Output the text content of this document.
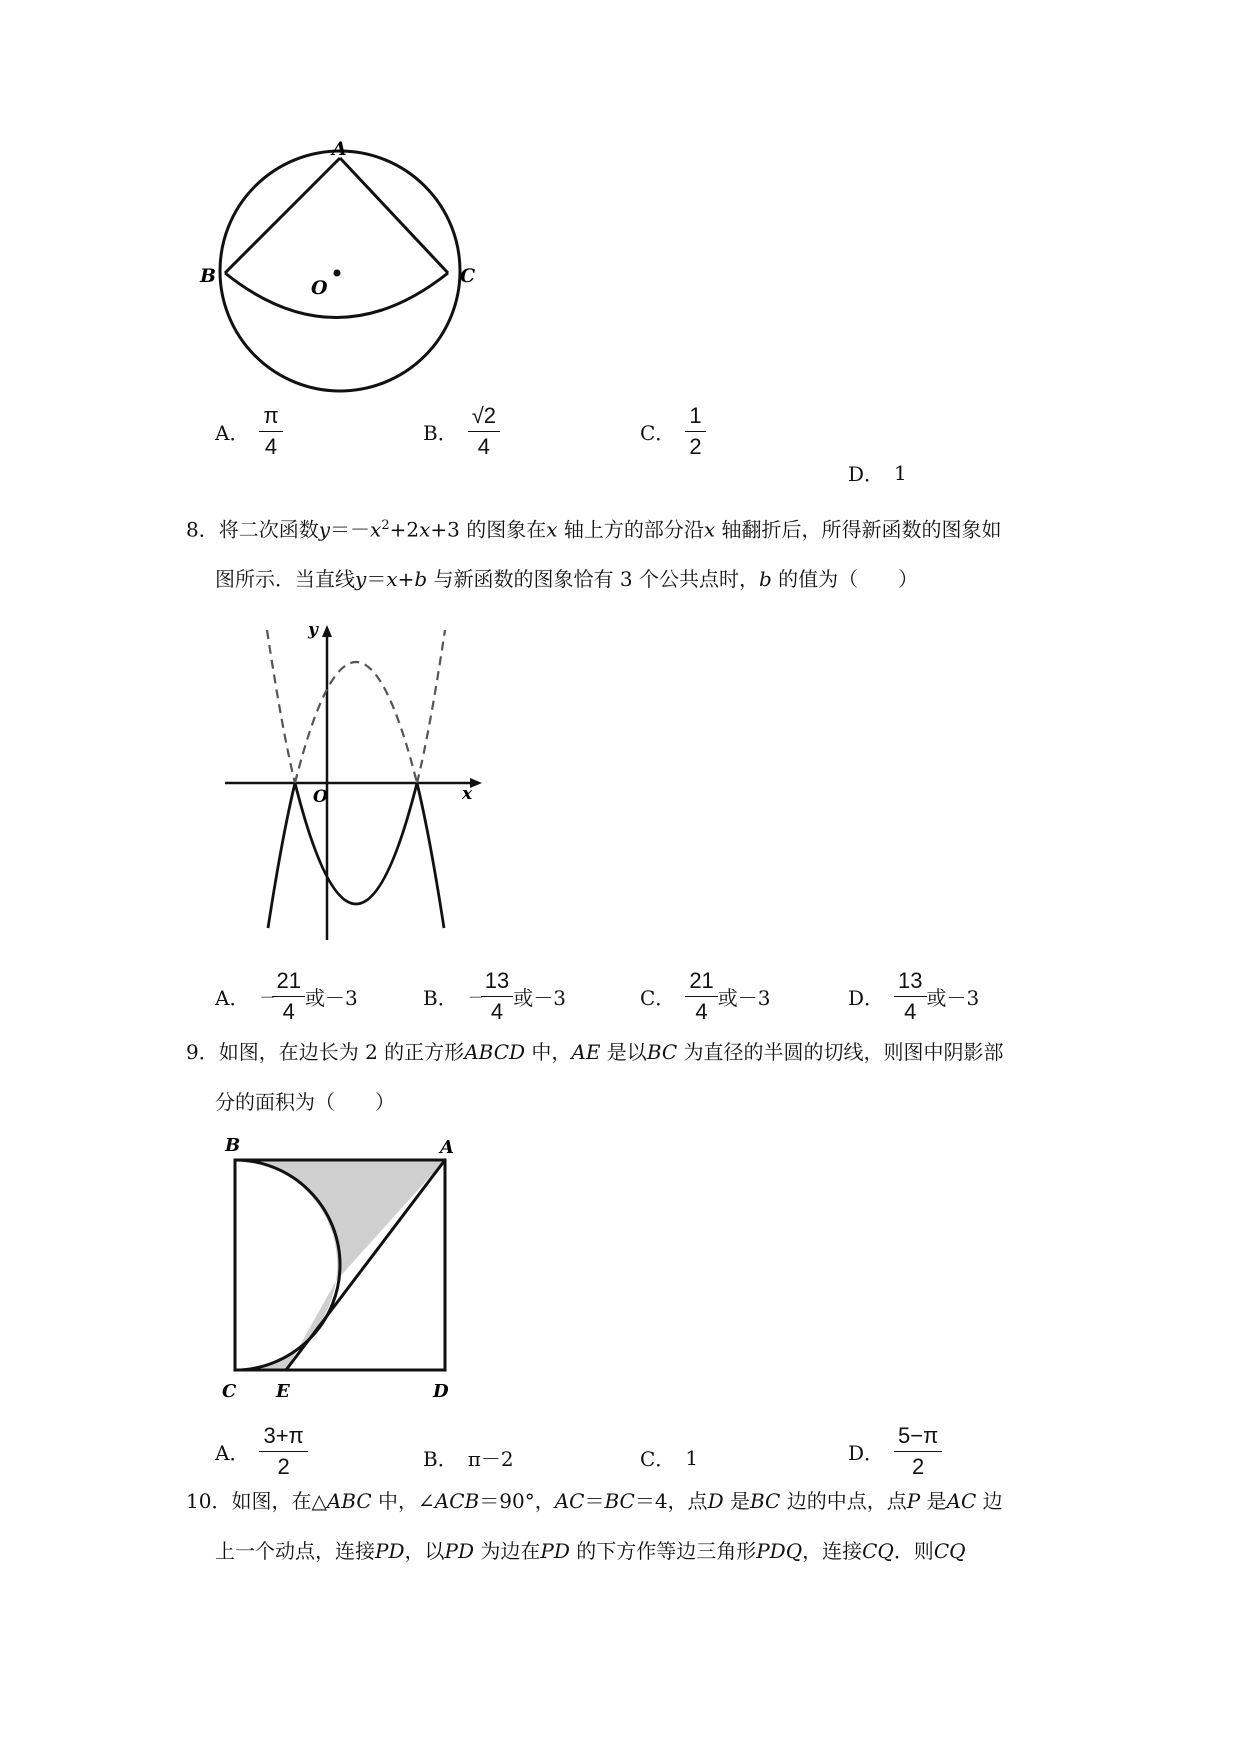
A
B	C
O
A． $\frac{\pi}{4}$	B． $\frac{√2}{4}$	C． $\frac{1}{2}$
D． 1
8．将二次函数$y=-x^2+2x+3$ 的图象在x 轴上方的部分沿x 轴翻折后，所得新函数的图象如
图所示．当直线y＝x+b 与新函数的图象恰有 3 个公共点时，b 的值为（　　）
y
x
O
A． －
$\frac{21}{4}$ 或－3	B． －
$\frac{13}{4}$ 或－3	C． $\frac{21}{4}$ 或－3	D． $\frac{13}{4}$ 或－3
9．如图，在边长为 2 的正方形ABCD 中，AE 是以BC 为直径的半圆的切线，则图中阴影部
分的面积为（　　）
B	A
C E	D
A． $\frac{3+\pi}{2}$	B． π－2	C． 1	D． $\frac{5-\pi}{2}$
10．如图，在△ABC 中，∠ACB＝90°，AC＝BC＝4，点D 是BC 边的中点，点P 是AC 边
上一个动点，连接PD，以PD 为边在PD 的下方作等边三角形PDQ，连接CQ．则CQ
